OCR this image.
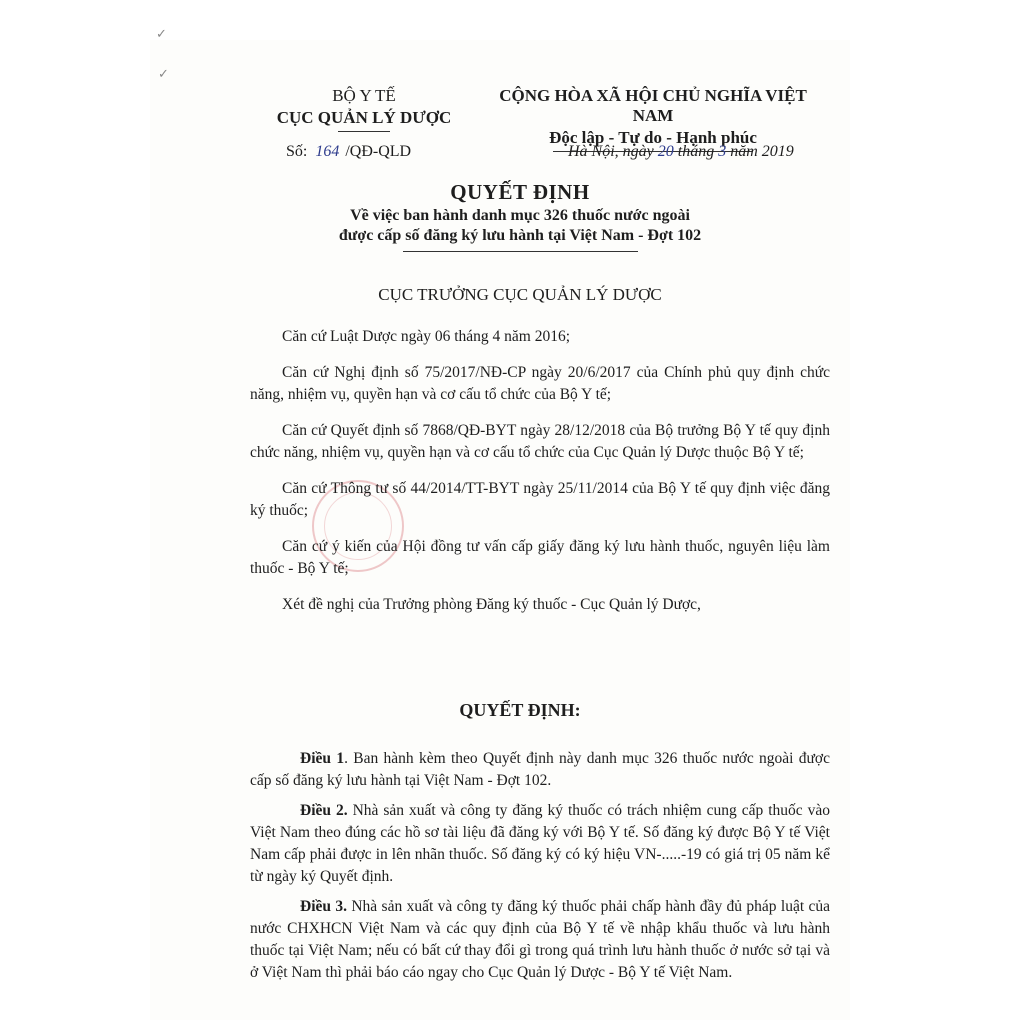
✓
✓
BỘ Y TẾ
CỤC QUẢN LÝ DƯỢC
CỘNG HÒA XÃ HỘI CHỦ NGHĨA VIỆT NAM
Độc lập - Tự do - Hạnh phúc
Số: 164 /QĐ-QLD	Hà Nội, ngày 20 tháng 3 năm 2019
QUYẾT ĐỊNH
Về việc ban hành danh mục 326 thuốc nước ngoài
được cấp số đăng ký lưu hành tại Việt Nam - Đợt 102
CỤC TRƯỞNG CỤC QUẢN LÝ DƯỢC

Căn cứ Luật Dược ngày 06 tháng 4 năm 2016;

Căn cứ Nghị định số 75/2017/NĐ-CP ngày 20/6/2017 của Chính phủ quy định chức năng, nhiệm vụ, quyền hạn và cơ cấu tổ chức của Bộ Y tế;

Căn cứ Quyết định số 7868/QĐ-BYT ngày 28/12/2018 của Bộ trưởng Bộ Y tế quy định chức năng, nhiệm vụ, quyền hạn và cơ cấu tổ chức của Cục Quản lý Dược thuộc Bộ Y tế;

Căn cứ Thông tư số 44/2014/TT-BYT ngày 25/11/2014 của Bộ Y tế quy định việc đăng ký thuốc;

Căn cứ ý kiến của Hội đồng tư vấn cấp giấy đăng ký lưu hành thuốc, nguyên liệu làm thuốc - Bộ Y tế;

Xét đề nghị của Trưởng phòng Đăng ký thuốc - Cục Quản lý Dược,

QUYẾT ĐỊNH:

Điều 1. Ban hành kèm theo Quyết định này danh mục 326 thuốc nước ngoài được cấp số đăng ký lưu hành tại Việt Nam - Đợt 102.

Điều 2. Nhà sản xuất và công ty đăng ký thuốc có trách nhiệm cung cấp thuốc vào Việt Nam theo đúng các hồ sơ tài liệu đã đăng ký với Bộ Y tế. Số đăng ký được Bộ Y tế Việt Nam cấp phải được in lên nhãn thuốc. Số đăng ký có ký hiệu VN-.....-19 có giá trị 05 năm kể từ ngày ký Quyết định.

Điều 3. Nhà sản xuất và công ty đăng ký thuốc phải chấp hành đầy đủ pháp luật của nước CHXHCN Việt Nam và các quy định của Bộ Y tế về nhập khẩu thuốc và lưu hành thuốc tại Việt Nam; nếu có bất cứ thay đổi gì trong quá trình lưu hành thuốc ở nước sở tại và ở Việt Nam thì phải báo cáo ngay cho Cục Quản lý Dược - Bộ Y tế Việt Nam.
